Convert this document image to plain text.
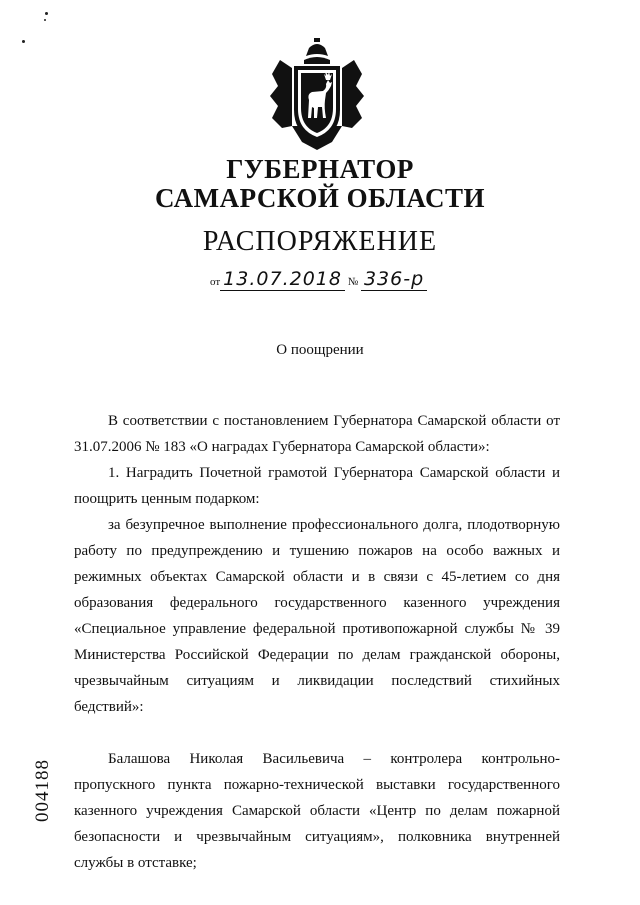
ГУБЕРНАТОР
САМАРСКОЙ ОБЛАСТИ
РАСПОРЯЖЕНИЕ
от 13.07.2018 № 336-р
О поощрении
В соответствии с постановлением Губернатора Самарской области от 31.07.2006 № 183 «О наградах Губернатора Самарской области»:
1. Наградить Почетной грамотой Губернатора Самарской области и поощрить ценным подарком:
за безупречное выполнение профессионального долга, плодотворную работу по предупреждению и тушению пожаров на особо важных и режимных объектах Самарской области и в связи с 45-летием со дня образования федерального государственного казенного учреждения «Специальное управление федеральной противопожарной службы № 39 Министерства Российской Федерации по делам гражданской обороны, чрезвычайным ситуациям и ликвидации последствий стихийных бедствий»:
Балашова Николая Васильевича – контролера контрольно-пропускного пункта пожарно-технической выставки государственного казенного учреждения Самарской области «Центр по делам пожарной безопасности и чрезвычайным ситуациям», полковника внутренней службы в отставке;
004188
